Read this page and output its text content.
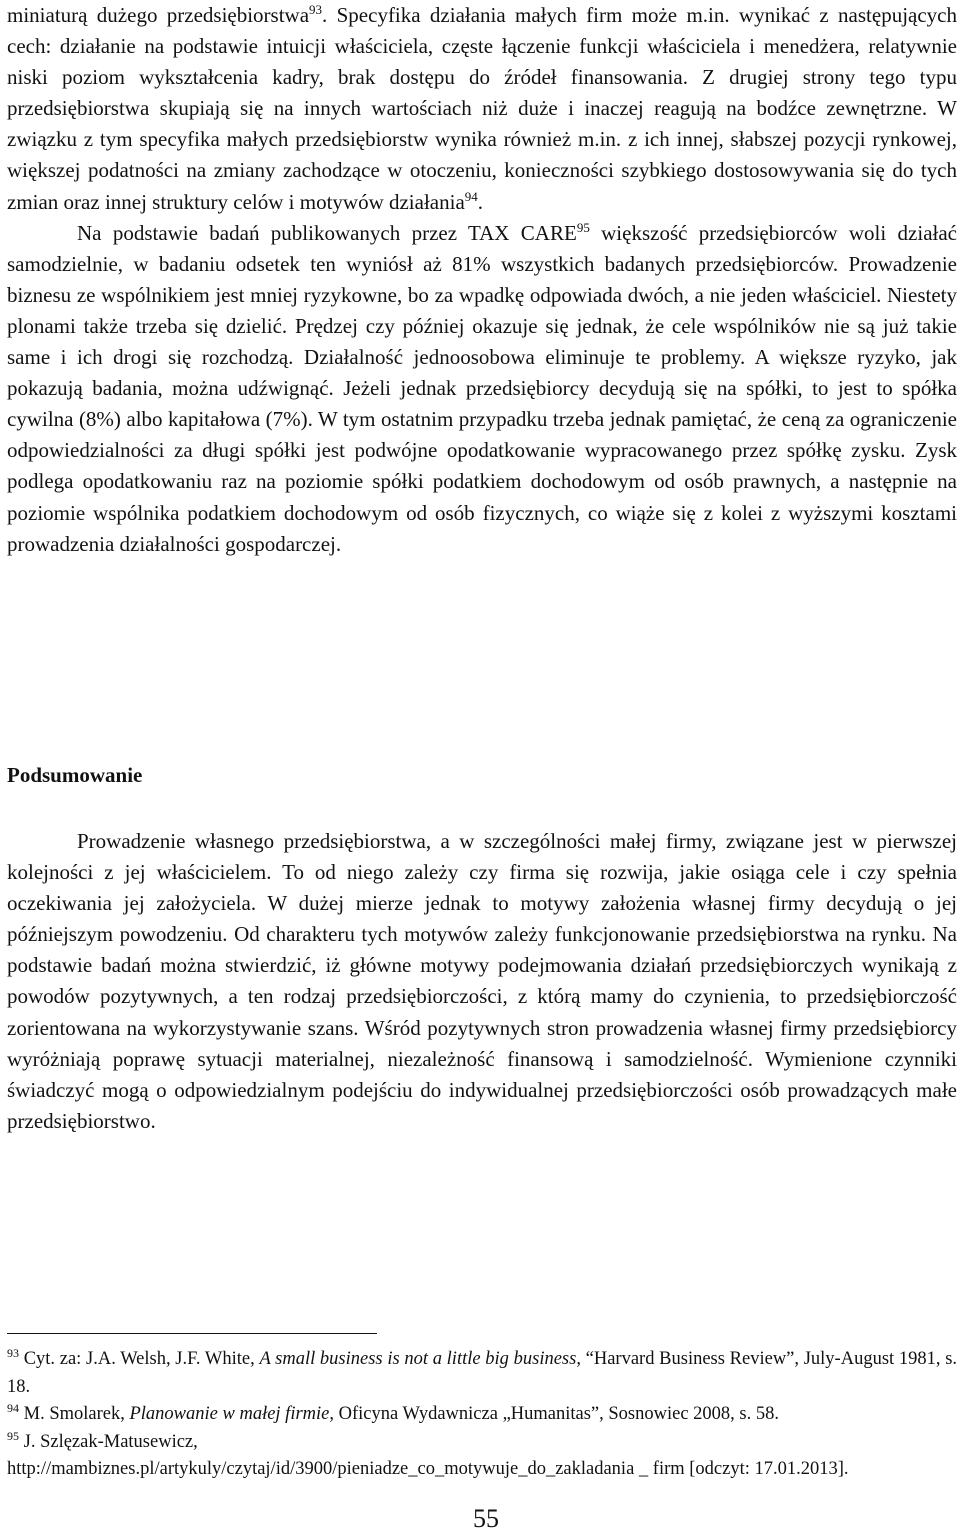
miniaturą dużego przedsiębiorstwa$^{93}$. Specyfika działania małych firm może m.in. wynikać z następujących cech: działanie na podstawie intuicji właściciela, częste łączenie funkcji właściciela i menedżera, relatywnie niski poziom wykształcenia kadry, brak dostępu do źródeł finansowania. Z drugiej strony tego typu przedsiębiorstwa skupiają się na innych wartościach niż duże i inaczej reagują na bodźce zewnętrzne. W związku z tym specyfika małych przedsiębiorstw wynika również m.in. z ich innej, słabszej pozycji rynkowej, większej podatności na zmiany zachodzące w otoczeniu, konieczności szybkiego dostosowywania się do tych zmian oraz innej struktury celów i motywów działania$^{94}$.

Na podstawie badań publikowanych przez TAX CARE$^{95}$ większość przedsiębiorców woli działać samodzielnie, w badaniu odsetek ten wyniósł aż 81% wszystkich badanych przedsiębiorców. Prowadzenie biznesu ze wspólnikiem jest mniej ryzykowne, bo za wpadkę odpowiada dwóch, a nie jeden właściciel. Niestety plonami także trzeba się dzielić. Prędzej czy później okazuje się jednak, że cele wspólników nie są już takie same i ich drogi się rozchodzą. Działalność jednoosobowa eliminuje te problemy. A większe ryzyko, jak pokazują badania, można udźwignąć. Jeżeli jednak przedsiębiorcy decydują się na spółki, to jest to spółka cywilna (8%) albo kapitałowa (7%). W tym ostatnim przypadku trzeba jednak pamiętać, że ceną za ograniczenie odpowiedzialności za długi spółki jest podwójne opodatkowanie wypracowanego przez spółkę zysku. Zysk podlega opodatkowaniu raz na poziomie spółki podatkiem dochodowym od osób prawnych, a następnie na poziomie wspólnika podatkiem dochodowym od osób fizycznych, co wiąże się z kolei z wyższymi kosztami prowadzenia działalności gospodarczej.

Podsumowanie

Prowadzenie własnego przedsiębiorstwa, a w szczególności małej firmy, związane jest w pierwszej kolejności z jej właścicielem. To od niego zależy czy firma się rozwija, jakie osiąga cele i czy spełnia oczekiwania jej założyciela. W dużej mierze jednak to motywy założenia własnej firmy decydują o jej późniejszym powodzeniu. Od charakteru tych motywów zależy funkcjonowanie przedsiębiorstwa na rynku. Na podstawie badań można stwierdzić, iż główne motywy podejmowania działań przedsiębiorczych wynikają z powodów pozytywnych, a ten rodzaj przedsiębiorczości, z którą mamy do czynienia, to przedsiębiorczość zorientowana na wykorzystywanie szans. Wśród pozytywnych stron prowadzenia własnej firmy przedsiębiorcy wyróżniają poprawę sytuacji materialnej, niezależność finansową i samodzielność. Wymienione czynniki świadczyć mogą o odpowiedzialnym podejściu do indywidualnej przedsiębiorczości osób prowadzących małe przedsiębiorstwo.

$^{93}$ Cyt. za: J.A. Welsh, J.F. White, A small business is not a little big business, “Harvard Business Review”, July-August 1981, s. 18.

$^{94}$ M. Smolarek, Planowanie w małej firmie, Oficyna Wydawnicza „Humanitas”, Sosnowiec 2008, s. 58.

$^{95}$ J. Szlęzak-Matusewicz,

http://mambiznes.pl/artykuly/czytaj/id/3900/pieniadze_co_motywuje_do_zakladania _ firm [odczyt: 17.01.2013].

55
